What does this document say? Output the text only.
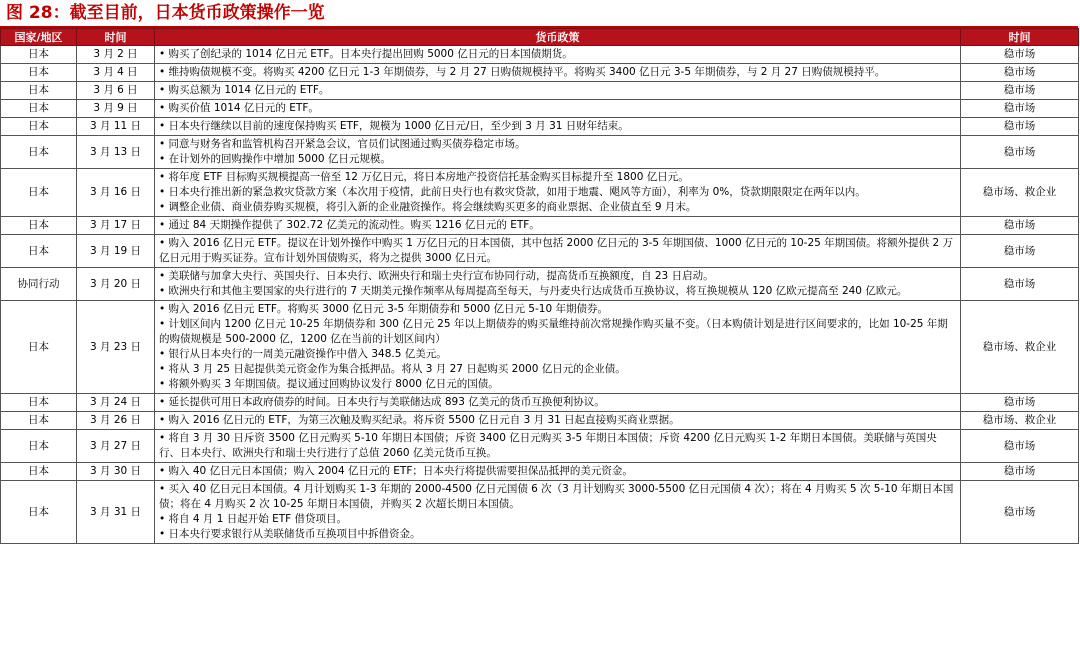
图 28：截至目前，日本货币政策操作一览
国家/地区	时间	货币政策	时间
日本	3 月 2 日	• 购买了创纪录的 1014 亿日元 ETF。日本央行提出回购 5000 亿日元的日本国债期货。	稳市场
日本	3 月 4 日	• 维持购债规模不变。将购买 4200 亿日元 1-3 年期债券，与 2 月 27 日购债规模持平。将购买 3400 亿日元 3-5 年期债券，与 2 月 27 日购债规模持平。	稳市场
日本	3 月 6 日	• 购买总额为 1014 亿日元的 ETF。	稳市场
日本	3 月 9 日	• 购买价值 1014 亿日元的 ETF。	稳市场
日本	3 月 11 日	• 日本央行继续以目前的速度保持购买 ETF，规模为 1000 亿日元/日，至少到 3 月 31 日财年结束。	稳市场
日本	3 月 13 日	• 同意与财务省和监管机构召开紧急会议，官员们试图通过购买债券稳定市场。
• 在计划外的回购操作中增加 5000 亿日元规模。	稳市场
日本	3 月 16 日	• 将年度 ETF 目标购买规模提高一倍至 12 万亿日元，将日本房地产投资信托基金购买目标提升至 1800 亿日元。
• 日本央行推出新的紧急救灾贷款方案（本次用于疫情，此前日央行也有救灾贷款，如用于地震、飓风等方面），利率为 0%，贷款期限限定在两年以内。
• 调整企业债、商业债券购买规模，将引入新的企业融资操作。将会继续购买更多的商业票据、企业债直至 9 月末。	稳市场、救企业
日本	3 月 17 日	• 通过 84 天期操作提供了 302.72 亿美元的流动性。购买 1216 亿日元的 ETF。	稳市场
日本	3 月 19 日	• 购入 2016 亿日元 ETF。提议在计划外操作中购买 1 万亿日元的日本国债，其中包括 2000 亿日元的 3-5 年期国债、1000 亿日元的 10-25 年期国债。将额外提供 2 万亿日元用于购买证券。宣布计划外国债购买，将为之提供 3000 亿日元。	稳市场
协同行动	3 月 20 日	• 美联储与加拿大央行、英国央行、日本央行、欧洲央行和瑞士央行宣布协同行动，提高货币互换额度，自 23 日启动。
• 欧洲央行和其他主要国家的央行进行的 7 天期美元操作频率从每周提高至每天，与丹麦央行达成货币互换协议，将互换规模从 120 亿欧元提高至 240 亿欧元。	稳市场
日本	3 月 23 日	• 购入 2016 亿日元 ETF。将购买 3000 亿日元 3-5 年期债券和 5000 亿日元 5-10 年期债券。
• 计划区间内 1200 亿日元 10-25 年期债券和 300 亿日元 25 年以上期债券的购买量维持前次常规操作购买量不变。（日本购债计划是进行区间要求的，比如 10-25 年期的购债规模是 500-2000 亿，1200 亿在当前的计划区间内）
• 银行从日本央行的一周美元融资操作中借入 348.5 亿美元。
• 将从 3 月 25 日起提供美元资金作为集合抵押品。将从 3 月 27 日起购买 2000 亿日元的企业债。
• 将额外购买 3 年期国债。提议通过回购协议发行 8000 亿日元的国债。	稳市场、救企业
日本	3 月 24 日	• 延长提供可用日本政府债券的时间。日本央行与美联储达成 893 亿美元的货币互换便利协议。	稳市场
日本	3 月 26 日	• 购入 2016 亿日元的 ETF，为第三次触及购买纪录。将斥资 5500 亿日元自 3 月 31 日起直接购买商业票据。	稳市场、救企业
日本	3 月 27 日	• 将自 3 月 30 日斥资 3500 亿日元购买 5-10 年期日本国债；斥资 3400 亿日元购买 3-5 年期日本国债；斥资 4200 亿日元购买 1-2 年期日本国债。美联储与英国央行、日本央行、欧洲央行和瑞士央行进行了总值 2060 亿美元货币互换。	稳市场
日本	3 月 30 日	• 购入 40 亿日元日本国债；购入 2004 亿日元的 ETF；日本央行将提供需要担保品抵押的美元资金。	稳市场
日本	3 月 31 日	• 买入 40 亿日元日本国债。4 月计划购买 1-3 年期的 2000-4500 亿日元国债 6 次（3 月计划购买 3000-5500 亿日元国债 4 次）；将在 4 月购买 5 次 5-10 年期日本国债；将在 4 月购买 2 次 10-25 年期日本国债，并购买 2 次超长期日本国债。
• 将自 4 月 1 日起开始 ETF 借贷项目。
• 日本央行要求银行从美联储货币互换项目中拆借资金。	稳市场
